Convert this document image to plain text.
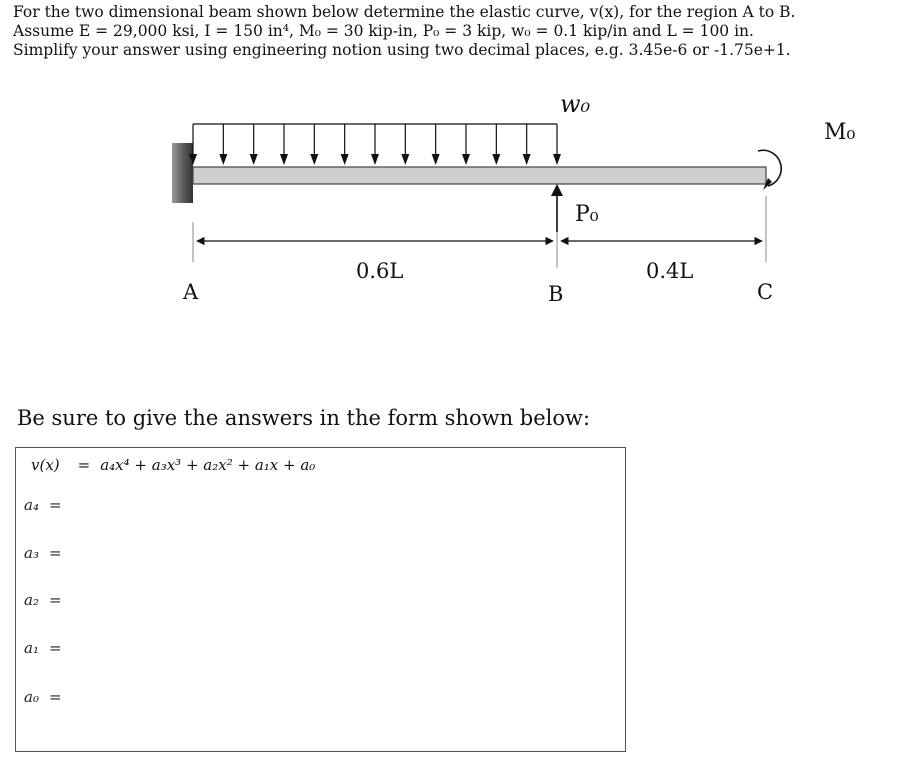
For the two dimensional beam shown below determine the elastic curve, v(x), for the region A to B.

Assume E = 29,000 ksi, I = 150 in⁴, M₀ = 30 kip-in, P₀ = 3 kip, w₀ = 0.1 kip/in and L = 100 in.

Simplify your answer using engineering notion using two decimal places, e.g. 3.45e-6 or -1.75e+1.

w₀
M₀
P₀
0.6L	0.4L
A	B	C
Be sure to give the answers in the form shown below:
v(x) = a₄x⁴ + a₃x³ + a₂x² + a₁x + a₀
a₄ =
a₃ =
a₂ =
a₁ =
a₀ =
